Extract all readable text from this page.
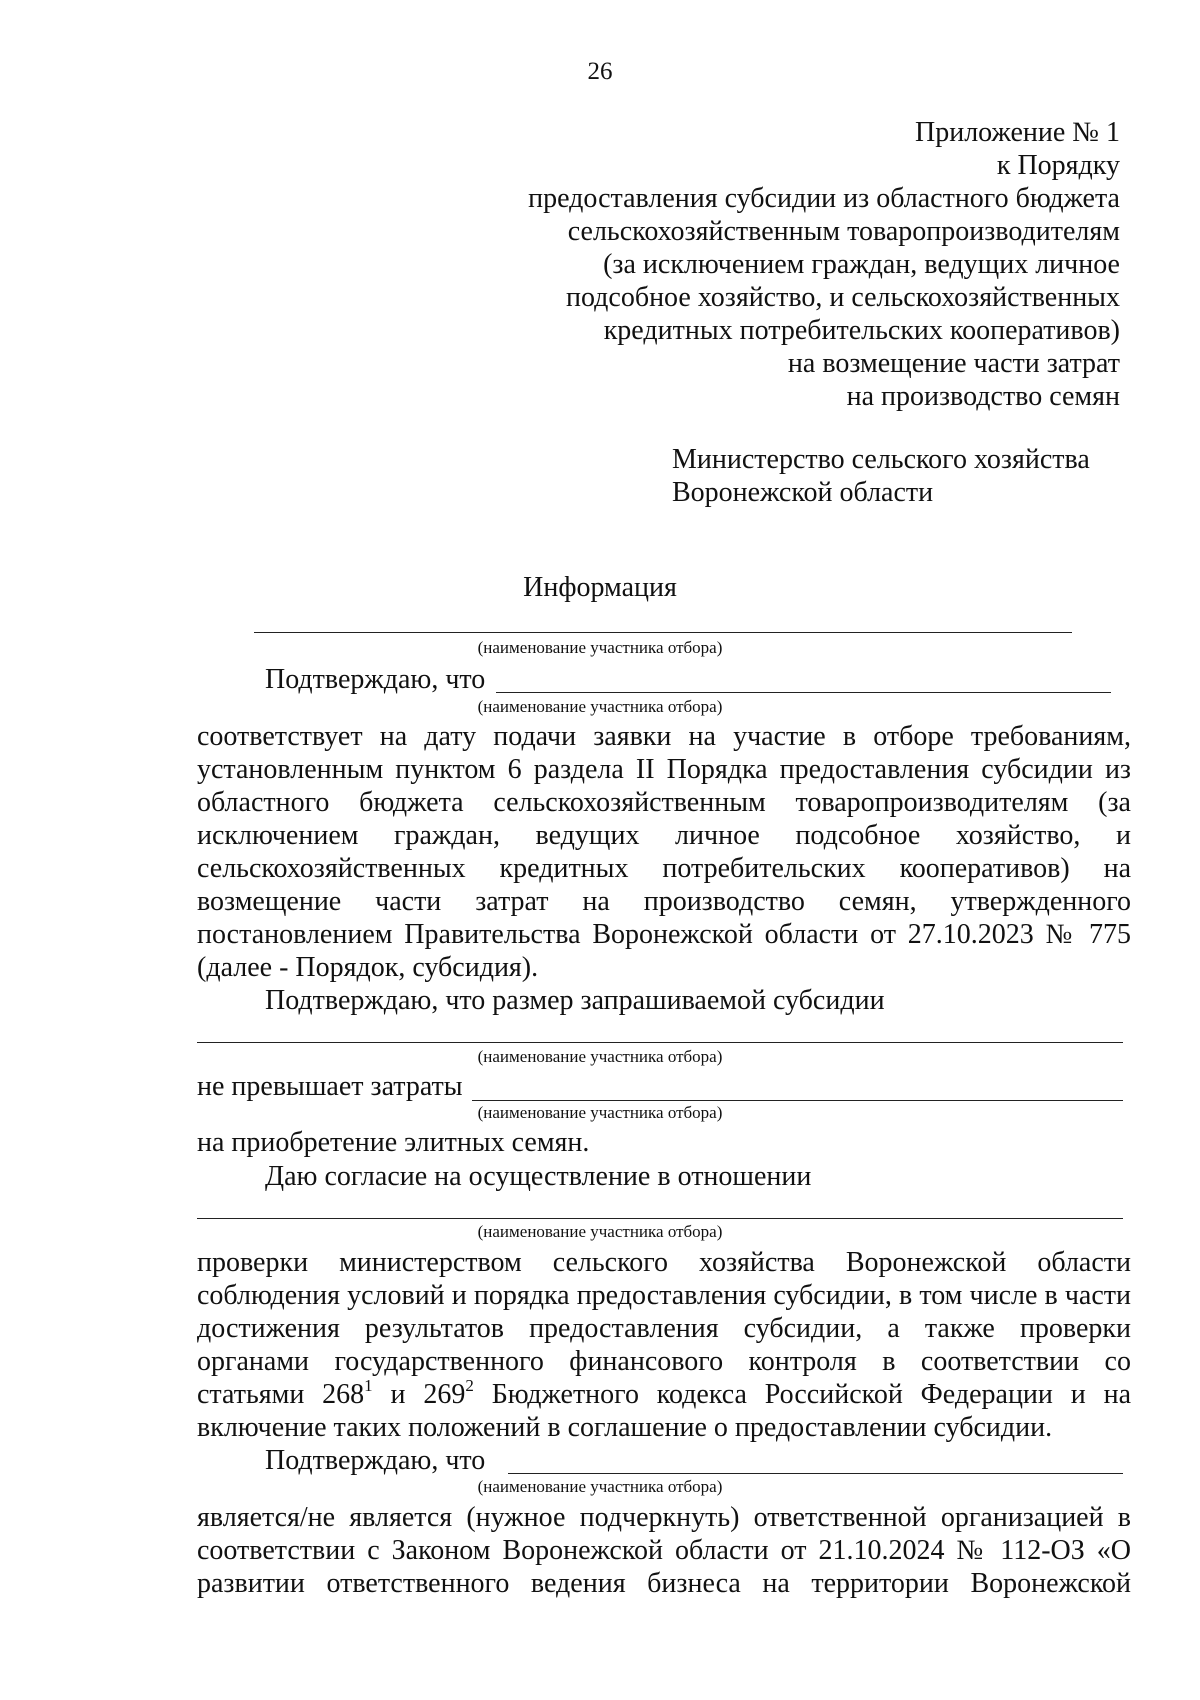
26
Приложение № 1
к Порядку
предоставления субсидии из областного бюджета
сельскохозяйственным товаропроизводителям
(за исключением граждан, ведущих личное
подсобное хозяйство, и сельскохозяйственных
кредитных потребительских кооперативов)
на возмещение части затрат
на производство семян
Министерство сельского хозяйства
Воронежской области
Информация
(наименование участника отбора)
Подтверждаю, что
(наименование участника отбора)
соответствует на дату подачи заявки на участие в отборе требованиям,
установленным пунктом 6 раздела II Порядка предоставления субсидии из
областного бюджета сельскохозяйственным товаропроизводителям (за
исключением граждан, ведущих личное подсобное хозяйство, и
сельскохозяйственных кредитных потребительских кооперативов) на
возмещение части затрат на производство семян, утвержденного
постановлением Правительства Воронежской области от 27.10.2023 № 775
(далее - Порядок, субсидия).
Подтверждаю, что размер запрашиваемой субсидии
(наименование участника отбора)
не превышает затраты
(наименование участника отбора)
на приобретение элитных семян.
Даю согласие на осуществление в отношении
(наименование участника отбора)
проверки министерством сельского хозяйства Воронежской области
соблюдения условий и порядка предоставления субсидии, в том числе в части
достижения результатов предоставления субсидии, а также проверки
органами государственного финансового контроля в соответствии со
статьями $268^1$ и $269^2$ Бюджетного кодекса Российской Федерации и на
включение таких положений в соглашение о предоставлении субсидии.
Подтверждаю, что
(наименование участника отбора)
является/не является (нужное подчеркнуть) ответственной организацией в
соответствии с Законом Воронежской области от 21.10.2024 № 112-ОЗ «О
развитии ответственного ведения бизнеса на территории Воронежской
